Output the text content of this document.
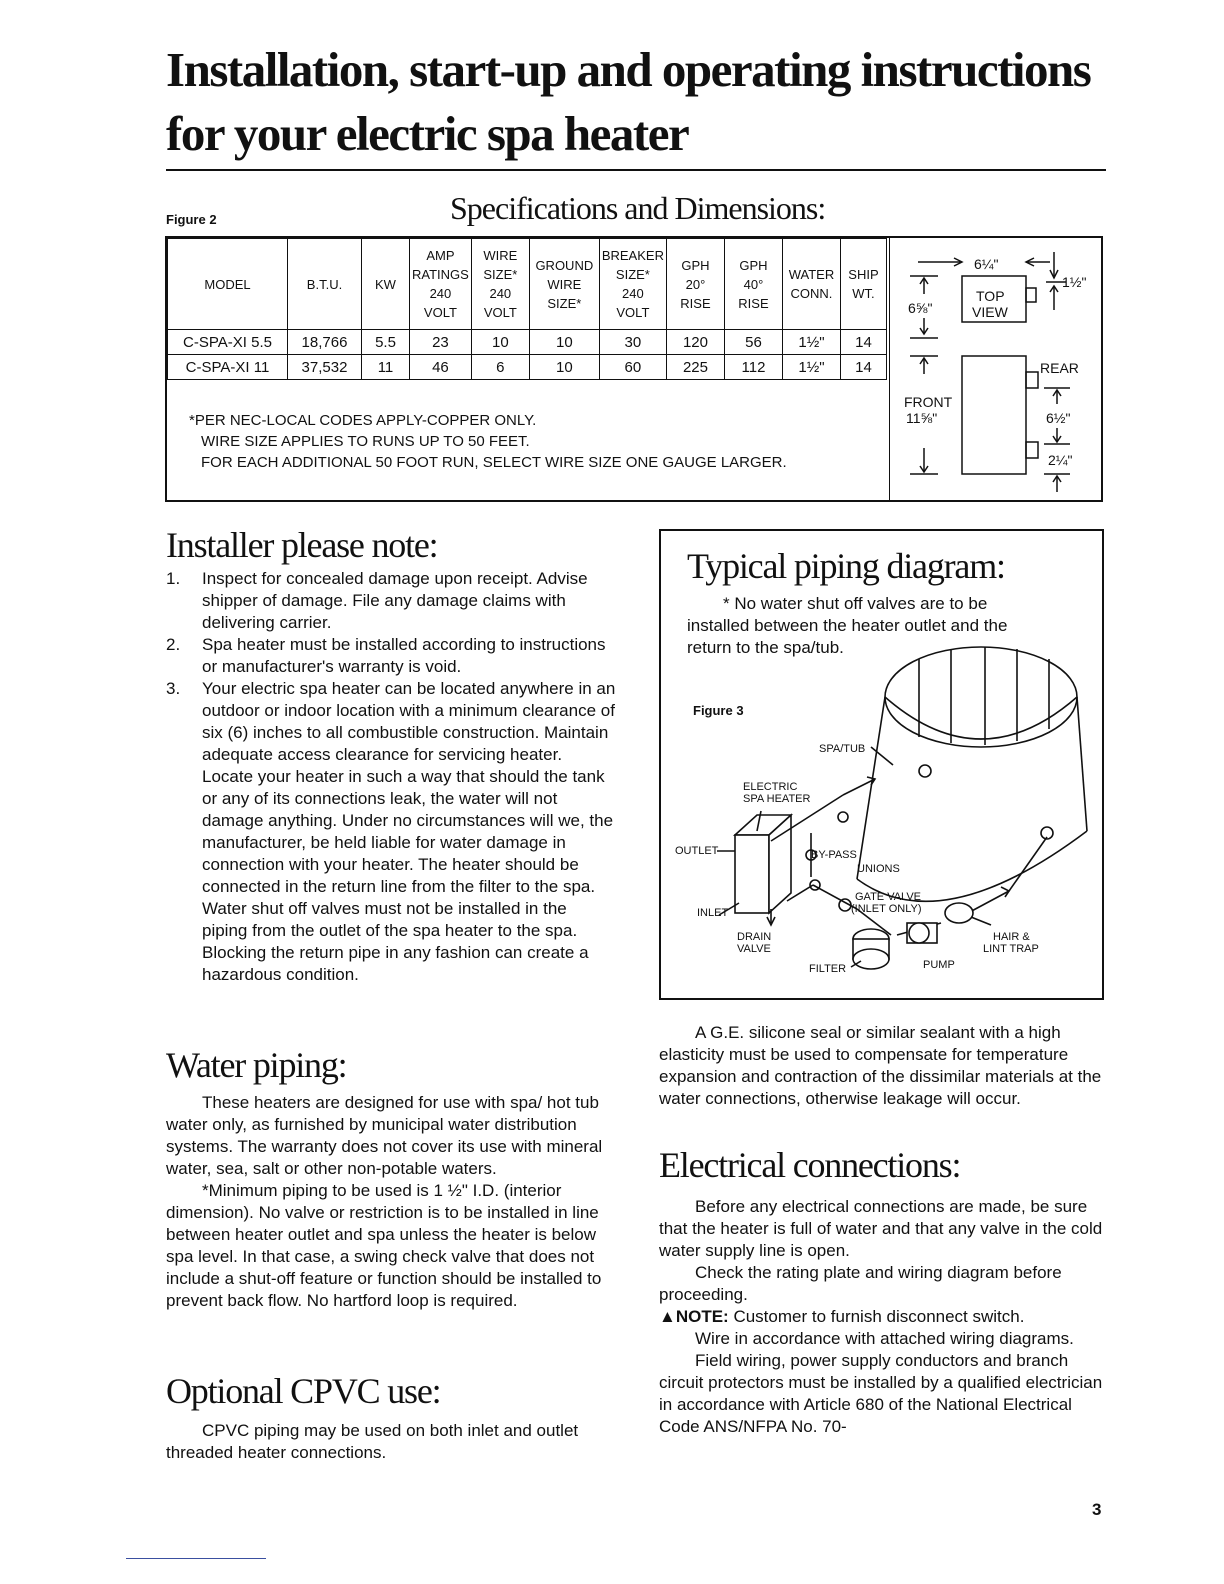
Installation, start-up and operating instructions
for your electric spa heater
Figure 2	Specifications and Dimensions:
MODEL	B.T.U.	KW	AMP
RATINGS
240
VOLT	WIRE
SIZE*
240
VOLT	GROUND
WIRE
SIZE*	BREAKER
SIZE*
240
VOLT	GPH
20°
RISE	GPH
40°
RISE	WATER
CONN.	SHIP
WT.
C-SPA-XI 5.5	18,766	5.5	23	10	10	30	120	56	1½"	14
C-SPA-XI 11	37,532	11	46	6	10	60	225	112	1½"	14
*PER NEC-LOCAL CODES APPLY-COPPER ONLY.
WIRE SIZE APPLIES TO RUNS UP TO 50 FEET.
FOR EACH ADDITIONAL 50 FOOT RUN, SELECT WIRE SIZE ONE GAUGE LARGER.
6¼"
1½"
TOP
VIEW
6⅝"
REAR
FRONT
11⅝"	6½"
2¼"
Installer please note:
1. Inspect for concealed damage upon receipt. Advise shipper of damage. File any damage claims with delivering carrier.
2. Spa heater must be installed according to instructions or manufacturer's warranty is void.
3. Your electric spa heater can be located anywhere in an outdoor or indoor location with a minimum clearance of six (6) inches to all combustible construction. Maintain adequate access clearance for servicing heater. Locate your heater in such a way that should the tank or any of its connections leak, the water will not damage anything. Under no circumstances will we, the manufacturer, be held liable for water damage in connection with your heater. The heater should be connected in the return line from the filter to the spa. Water shut off valves must not be installed in the piping from the outlet of the spa heater to the spa. Blocking the return pipe in any fashion can create a hazardous condition.
Water piping:

These heaters are designed for use with spa/ hot tub water only, as furnished by municipal water distribution systems. The warranty does not cover its use with mineral water, sea, salt or other non-potable waters.

*Minimum piping to be used is 1 ½" I.D. (interior dimension). No valve or restriction is to be installed in line between heater outlet and spa unless the heater is below spa level. In that case, a swing check valve that does not include a shut-off feature or function should be installed to prevent back flow. No hartford loop is required.

Optional CPVC use:

CPVC piping may be used on both inlet and outlet threaded heater connections.

Typical piping diagram:

* No water shut off valves are to be installed between the heater outlet and the return to the spa/tub.

Figure 3
SPA/TUB
ELECTRIC
SPA HEATER
OUTLET	BY-PASS
UNIONS
GATE VALVE
(INLET ONLY)
INLET
DRAIN
VALVE
HAIR &
LINT TRAP
FILTER	PUMP

A G.E. silicone seal or similar sealant with a high elasticity must be used to compensate for temperature expansion and contraction of the dissimilar materials at the water connections, otherwise leakage will occur.

Electrical connections:

Before any electrical connections are made, be sure that the heater is full of water and that any valve in the cold water supply line is open.

Check the rating plate and wiring diagram before proceeding.

▲NOTE: Customer to furnish disconnect switch.

Wire in accordance with attached wiring diagrams.

Field wiring, power supply conductors and branch circuit protectors must be installed by a qualified electrician in accordance with Article 680 of the National Electrical Code ANS/NFPA No. 70-

3
